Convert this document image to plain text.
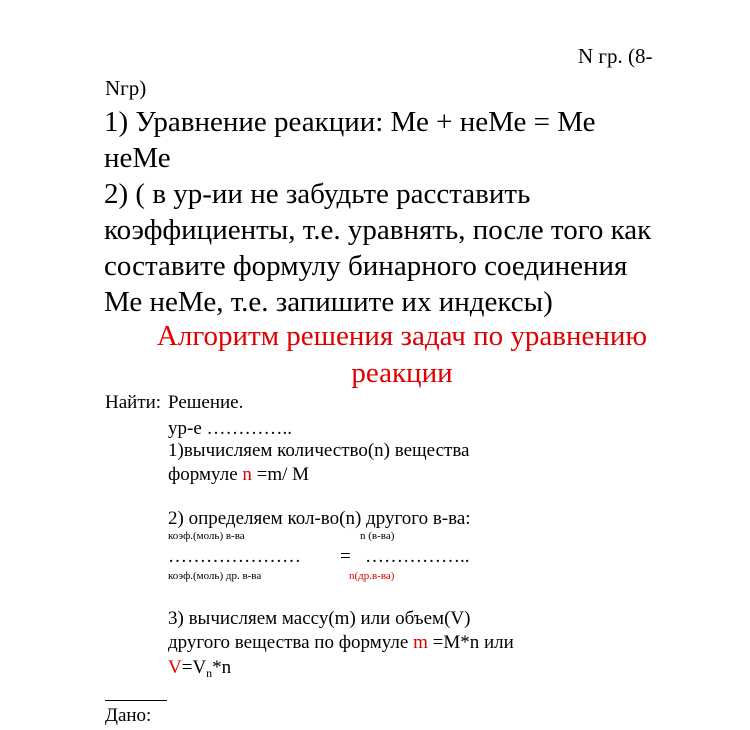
N гр. (8-
Nгр)
1) Уравнение реакции: Ме + неМе = Ме
неМе
2) ( в ур-ии не забудьте расставить
коэффициенты, т.е. уравнять, после того как
составите формулу бинарного соединения
Ме неМе, т.е. запишите их индексы)
Алгоритм решения задач по уравнению
реакции
Найти:
Дано:
Решение.
ур-е …………..
1)вычисляем количество(n) вещества
формуле n =m/ M
2) определяем кол-во(n) другого в-ва:
коэф.(моль) в-ва	n (в-ва)
………………… = ……………..
коэф.(моль) др. в-ва	n(др.в-ва)
3) вычисляем массу(m) или объем(V)
другого вещества по формуле m =M*n или
$V=V_n*n$
